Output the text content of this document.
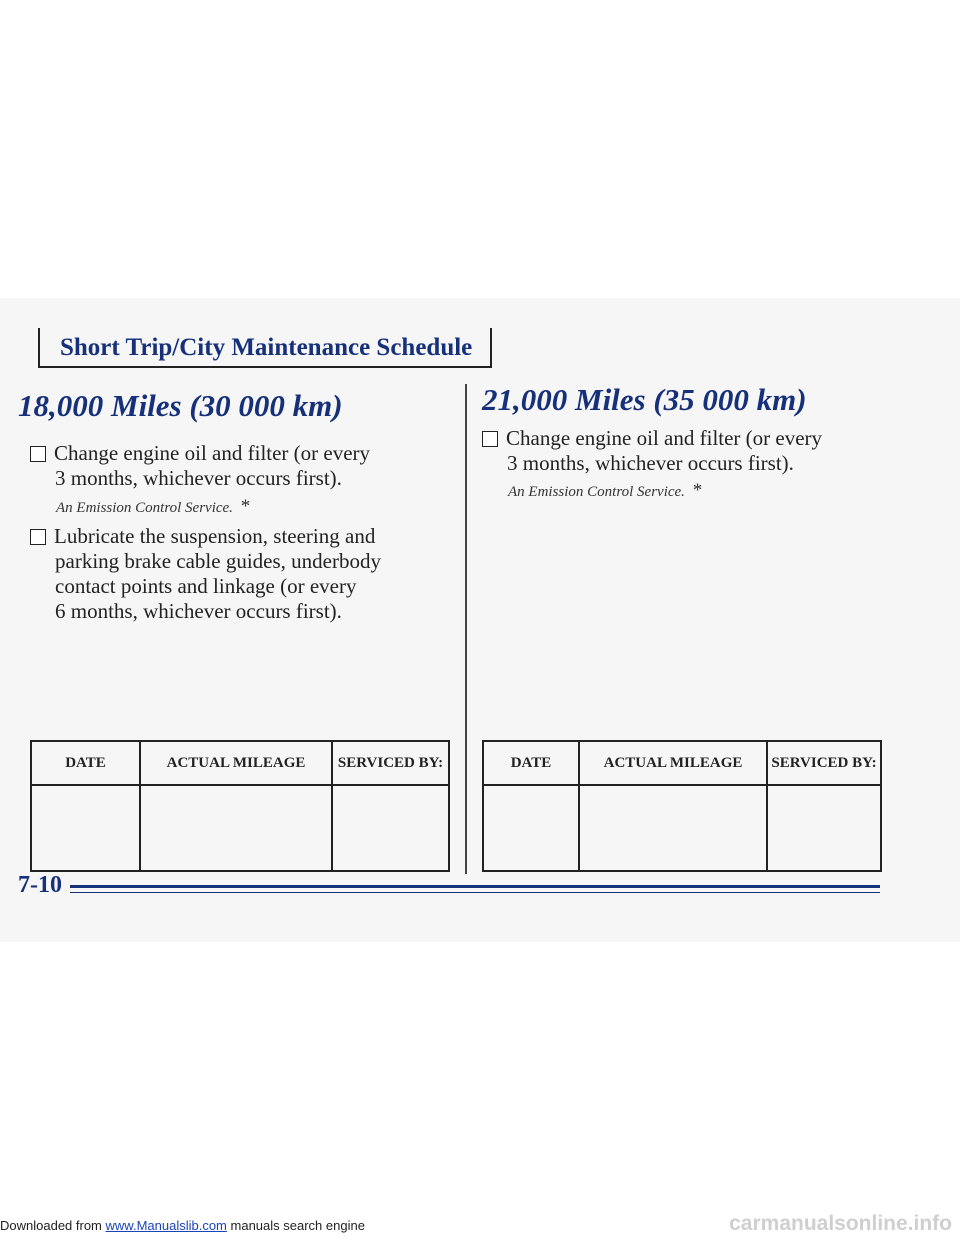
Short Trip/City Maintenance Schedule
18,000 Miles (30 000 km)
Change engine oil and filter (or every
3 months, whichever occurs first).
An Emission Control Service. *
Lubricate the suspension, steering and
parking brake cable guides, underbody
contact points and linkage (or every
6 months, whichever occurs first).
DATE	ACTUAL MILEAGE	SERVICED BY:

21,000 Miles (35 000 km)
Change engine oil and filter (or every
3 months, whichever occurs first).
An Emission Control Service. *
DATE	ACTUAL MILEAGE	SERVICED BY:

7-10
Downloaded from www.Manualslib.com manuals search engine	carmanualsonline.info
